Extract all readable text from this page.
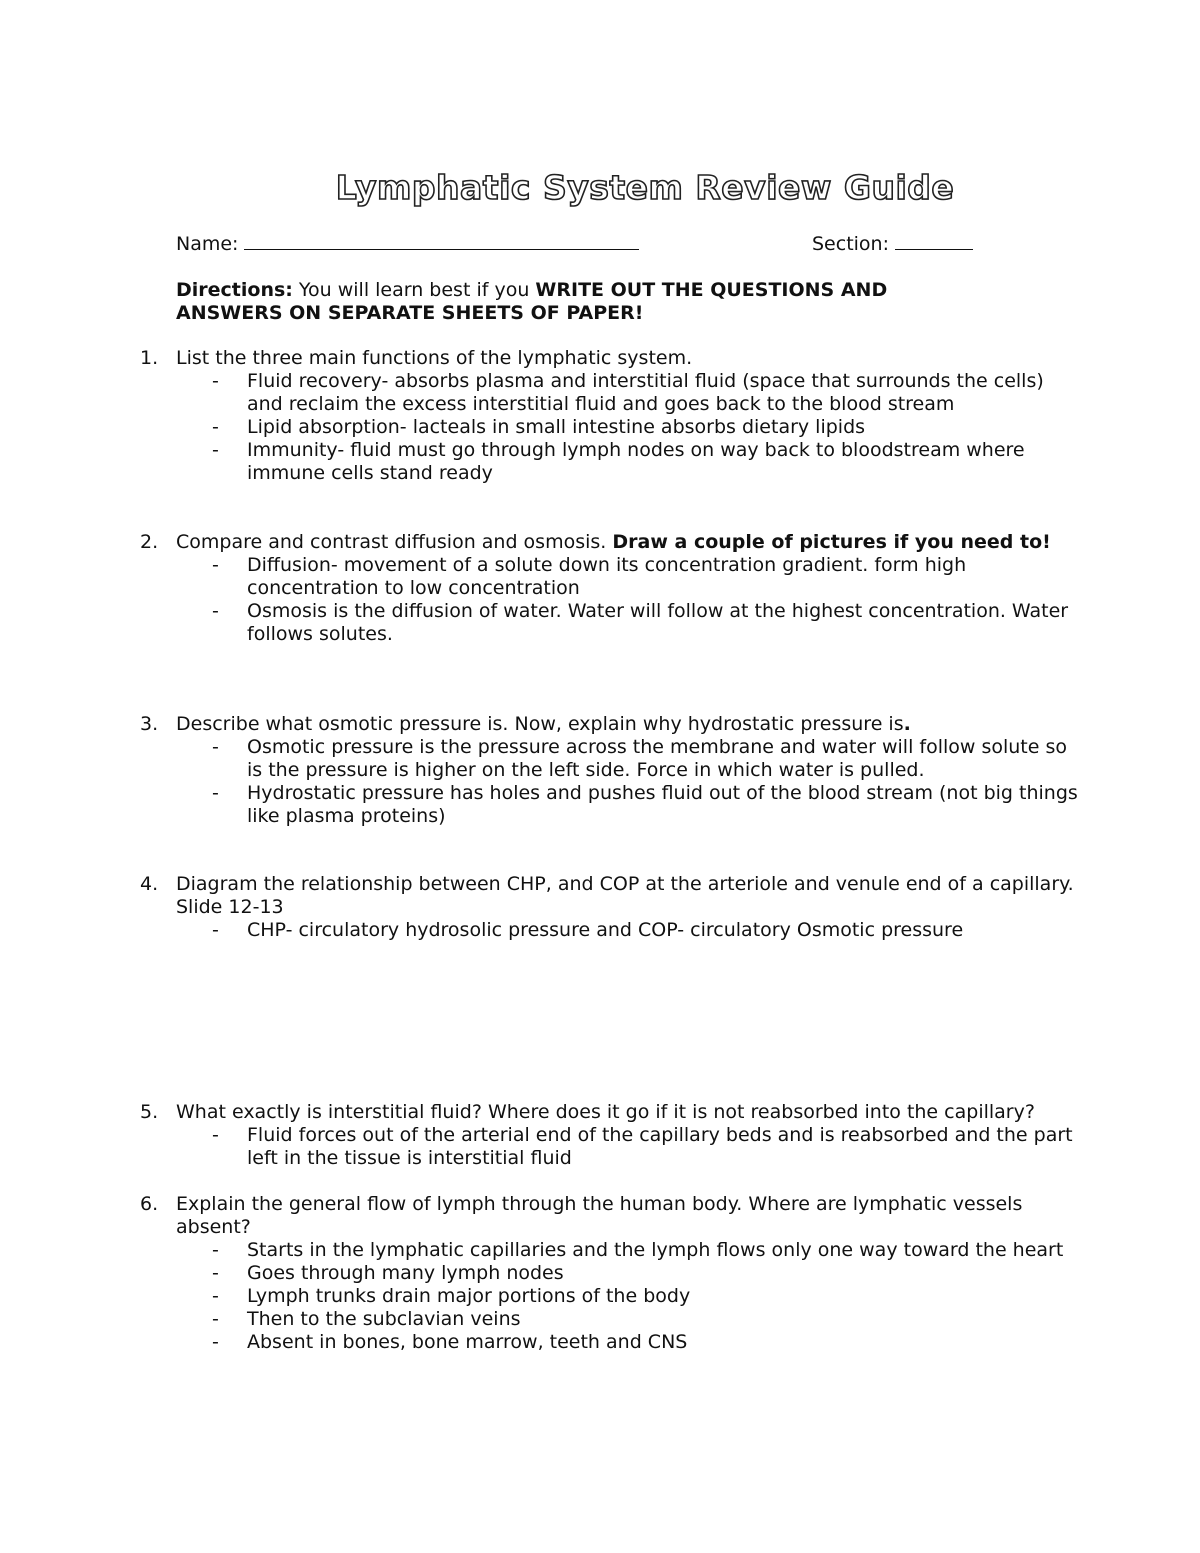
Lymphatic System Review Guide
Name:	Section:
Directions: You will learn best if you WRITE OUT THE QUESTIONS AND ANSWERS ON SEPARATE SHEETS OF PAPER!
1. List the three main functions of the lymphatic system.
- Fluid recovery- absorbs plasma and interstitial fluid (space that surrounds the cells) and reclaim the excess interstitial fluid and goes back to the blood stream
- Lipid absorption- lacteals in small intestine absorbs dietary lipids
- Immunity- fluid must go through lymph nodes on way back to bloodstream where immune cells stand ready
2. Compare and contrast diffusion and osmosis. Draw a couple of pictures if you need to!
- Diffusion- movement of a solute down its concentration gradient. form high concentration to low concentration
- Osmosis is the diffusion of water. Water will follow at the highest concentration. Water follows solutes.
3. Describe what osmotic pressure is. Now, explain why hydrostatic pressure is.
- Osmotic pressure is the pressure across the membrane and water will follow solute so is the pressure is higher on the left side. Force in which water is pulled.
- Hydrostatic pressure has holes and pushes fluid out of the blood stream (not big things like plasma proteins)
4. Diagram the relationship between CHP, and COP at the arteriole and venule end of a capillary.
Slide 12-13
- CHP- circulatory hydrosolic pressure and COP- circulatory Osmotic pressure
5. What exactly is interstitial fluid? Where does it go if it is not reabsorbed into the capillary?
- Fluid forces out of the arterial end of the capillary beds and is reabsorbed and the part left in the tissue is interstitial fluid
6. Explain the general flow of lymph through the human body. Where are lymphatic vessels absent?
- Starts in the lymphatic capillaries and the lymph flows only one way toward the heart
- Goes through many lymph nodes
- Lymph trunks drain major portions of the body
- Then to the subclavian veins
- Absent in bones, bone marrow, teeth and CNS
